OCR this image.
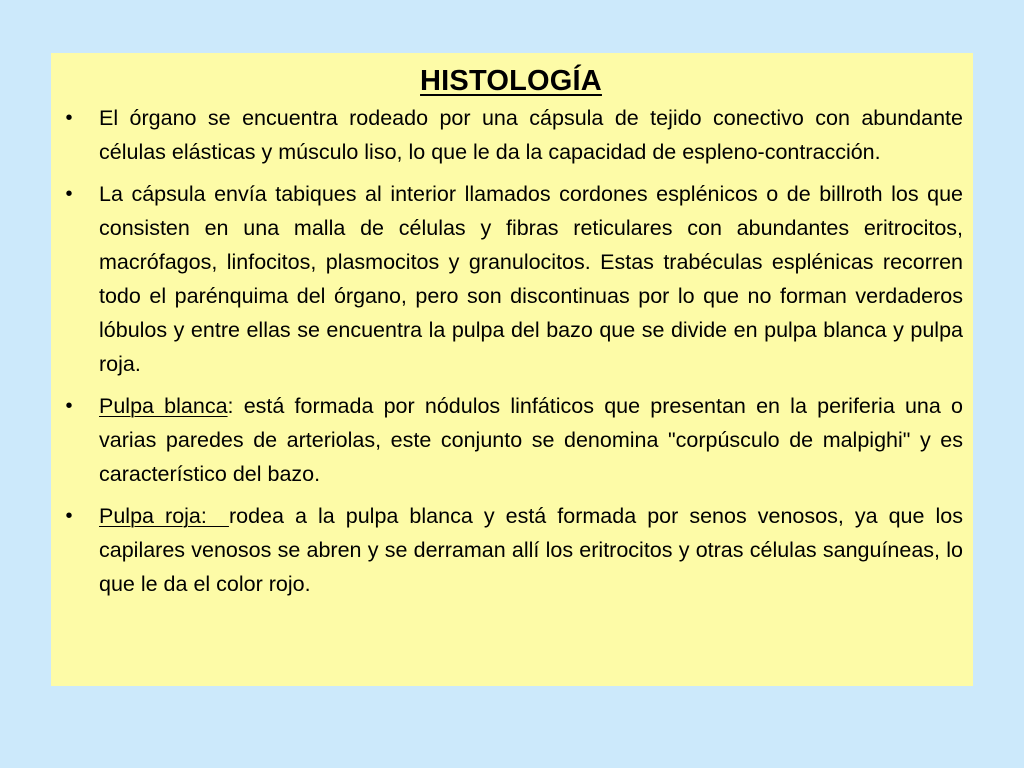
HISTOLOGÍA
•	El órgano se encuentra rodeado por una cápsula de tejido conectivo con abundante células elásticas y músculo liso, lo que le da la capacidad de espleno-contracción.
•	La cápsula envía tabiques al interior llamados cordones esplénicos o de billroth los que consisten en una malla de células y fibras reticulares con abundantes eritrocitos, macrófagos, linfocitos, plasmocitos y granulocitos. Estas trabéculas esplénicas recorren todo el parénquima del órgano, pero son discontinuas por lo que no forman verdaderos lóbulos y entre ellas se encuentra la pulpa del bazo que se divide en pulpa blanca y pulpa roja.
•	Pulpa blanca: está formada por nódulos linfáticos que presentan en la periferia una o varias paredes de arteriolas, este conjunto se denomina "corpúsculo de malpighi" y es característico del bazo.
•	Pulpa roja:  rodea a la pulpa blanca y está formada por senos venosos, ya que los capilares venosos se abren y se derraman allí los eritrocitos y otras células sanguíneas, lo que le da el color rojo.
